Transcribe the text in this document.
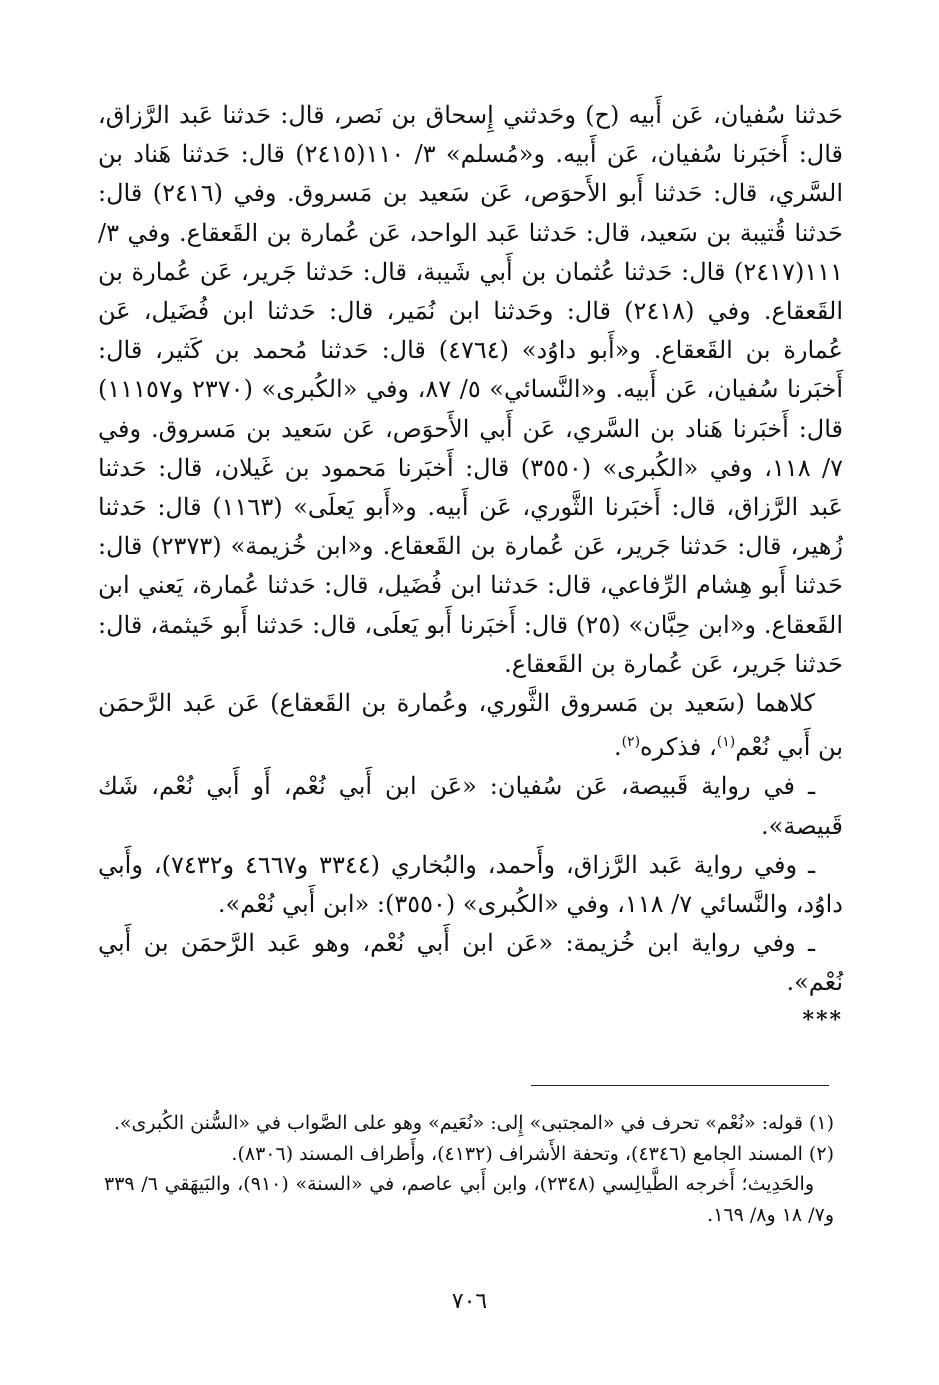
حَدثنا سُفيان، عَن أَبيه (ح) وحَدثني إِسحاق بن نَصر، قال: حَدثنا عَبد الرَّزاق، قال: أَخبَرنا سُفيان، عَن أَبيه. و«مُسلم» ٣/ ١١٠(٢٤١٥) قال: حَدثنا هَناد بن السَّري، قال: حَدثنا أَبو الأَحوَص، عَن سَعيد بن مَسروق. وفي (٢٤١٦) قال: حَدثنا قُتيبة بن سَعيد، قال: حَدثنا عَبد الواحد، عَن عُمارة بن القَعقاع. وفي ٣/ ١١١(٢٤١٧) قال: حَدثنا عُثمان بن أَبي شَيبة، قال: حَدثنا جَرير، عَن عُمارة بن القَعقاع. وفي (٢٤١٨) قال: وحَدثنا ابن نُمَير، قال: حَدثنا ابن فُضَيل، عَن عُمارة بن القَعقاع. و«أَبو داوُد» (٤٧٦٤) قال: حَدثنا مُحمد بن كَثير، قال: أَخبَرنا سُفيان، عَن أَبيه. و«النَّسائي» ٥/ ٨٧، وفي «الكُبرى» (٢٣٧٠ و١١١٥٧) قال: أَخبَرنا هَناد بن السَّري، عَن أَبي الأَحوَص، عَن سَعيد بن مَسروق. وفي ٧/ ١١٨، وفي «الكُبرى» (٣٥٥٠) قال: أَخبَرنا مَحمود بن غَيلان، قال: حَدثنا عَبد الرَّزاق، قال: أَخبَرنا الثَّوري، عَن أَبيه. و«أَبو يَعلَى» (١١٦٣) قال: حَدثنا زُهير، قال: حَدثنا جَرير، عَن عُمارة بن القَعقاع. و«ابن خُزيمة» (٢٣٧٣) قال: حَدثنا أَبو هِشام الرِّفاعي، قال: حَدثنا ابن فُضَيل، قال: حَدثنا عُمارة، يَعني ابن القَعقاع. و«ابن حِبَّان» (٢٥) قال: أَخبَرنا أَبو يَعلَى، قال: حَدثنا أَبو خَيثمة، قال: حَدثنا جَرير، عَن عُمارة بن القَعقاع.

كلاهما (سَعيد بن مَسروق الثَّوري، وعُمارة بن القَعقاع) عَن عَبد الرَّحمَن بن أَبي نُعْم$^{(١)}$، فذكره$^{(٢)}$.

ـ في رواية قَبيصة، عَن سُفيان: «عَن ابن أَبي نُعْم، أَو أَبي نُعْم، شَك قَبيصة».

ـ وفي رواية عَبد الرَّزاق، وأَحمد، والبُخاري (٣٣٤٤ و٤٦٦٧ و٧٤٣٢)، وأَبي داوُد، والنَّسائي ٧/ ١١٨، وفي «الكُبرى» (٣٥٥٠): «ابن أَبي نُعْم».

ـ وفي رواية ابن خُزيمة: «عَن ابن أَبي نُعْم، وهو عَبد الرَّحمَن بن أَبي نُعْم».

***

(١) قوله: «نُعْم» تحرف في «المجتبى» إِلى: «نُعَيم» وهو على الصَّواب في «السُّنن الكُبرى».

(٢) المسند الجامع (٤٣٤٦)، وتحفة الأَشراف (٤١٣٢)، وأَطراف المسند (٨٣٠٦).

والحَدِيث؛ أَخرجه الطَّيالِسي (٢٣٤٨)، وابن أَبي عاصم، في «السنة» (٩١٠)، والبَيهَقي ٦/ ٣٣٩ و٧/ ١٨ و٨/ ١٦٩.

٧٠٦
